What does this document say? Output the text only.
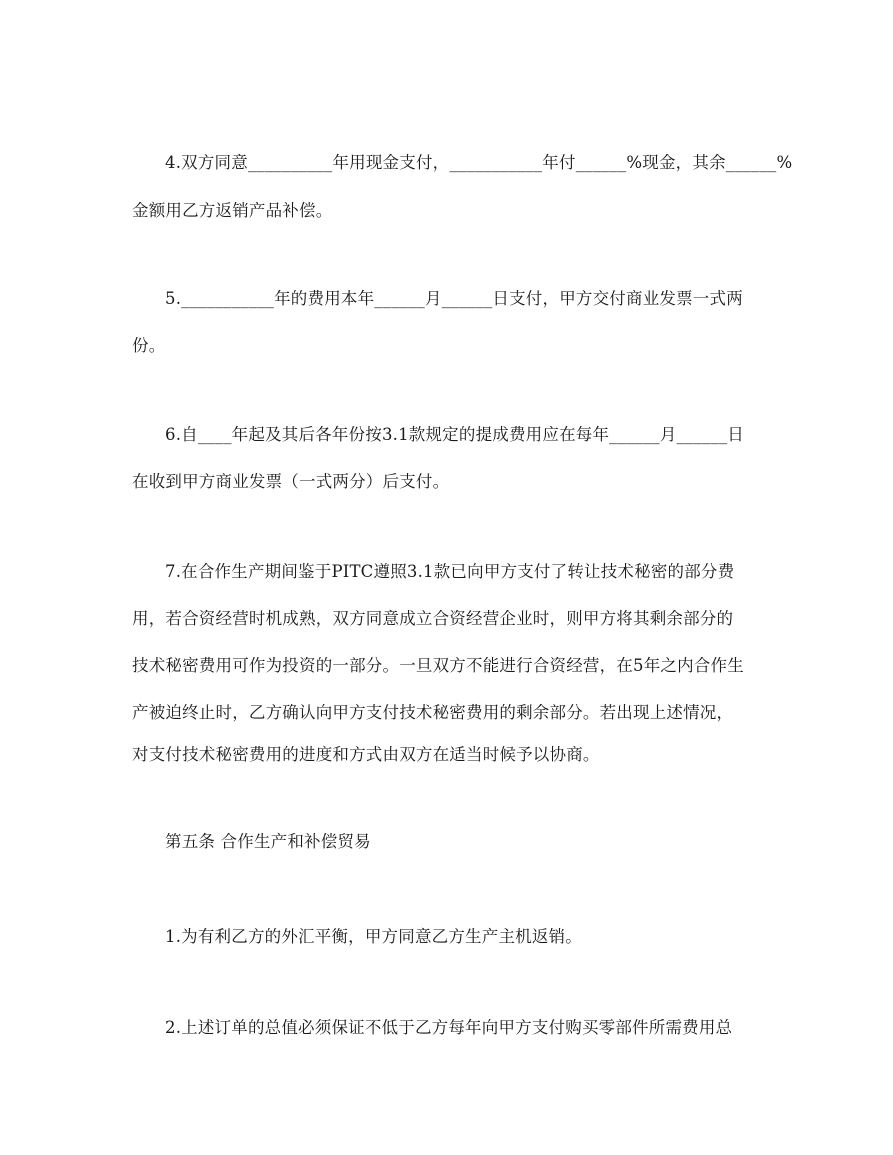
4.双方同意__________年用现金支付，___________年付______%现金，其余______%
金额用乙方返销产品补偿。
5.___________年的费用本年______月______日支付，甲方交付商业发票一式两
份。
6.自____年起及其后各年份按3.1款规定的提成费用应在每年______月______日
在收到甲方商业发票（一式两分）后支付。
7.在合作生产期间鉴于PITC遵照3.1款已向甲方支付了转让技术秘密的部分费
用，若合资经营时机成熟，双方同意成立合资经营企业时，则甲方将其剩余部分的
技术秘密费用可作为投资的一部分。一旦双方不能进行合资经营，在5年之内合作生
产被迫终止时，乙方确认向甲方支付技术秘密费用的剩余部分。若出现上述情况，
对支付技术秘密费用的进度和方式由双方在适当时候予以协商。
第五条 合作生产和补偿贸易
1.为有利乙方的外汇平衡，甲方同意乙方生产主机返销。
2.上述订单的总值必须保证不低于乙方每年向甲方支付购买零部件所需费用总
